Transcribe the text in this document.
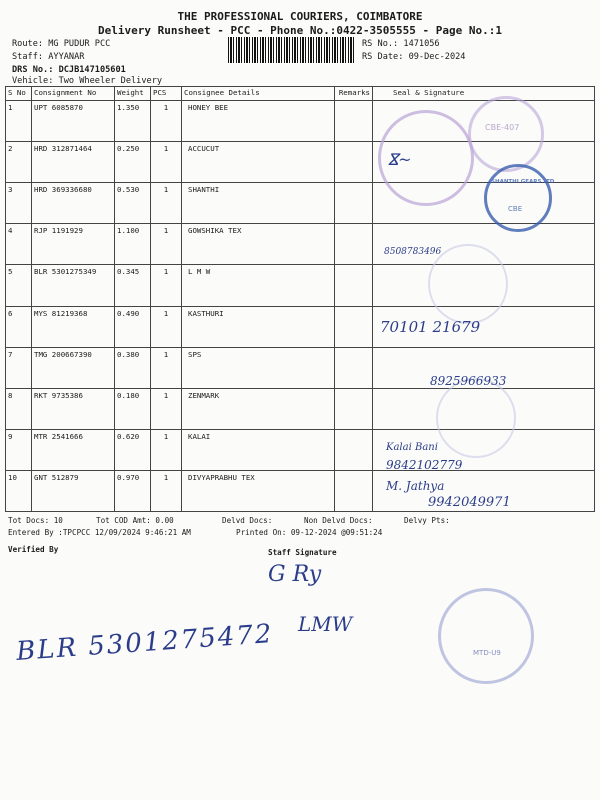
THE PROFESSIONAL COURIERS, COIMBATORE
Delivery Runsheet - PCC - Phone No.:0422-3505555 - Page No.:1
Route: MG PUDUR PCC
Staff: AYYANAR
DRS No.: DCJB147105601
Vehicle: Two Wheeler Delivery
RS No.: 1471056
RS Date: 09-Dec-2024
S No	Consignment No	Weight	PCS	Consignee Details	Remarks	Seal & Signature
1	UPT 6085870	1.350	1	HONEY BEE		
2	HRD 312871464	0.250	1	ACCUCUT		
3	HRD 369336680	0.530	1	SHANTHI		
4	RJP 1191929	1.100	1	GOWSHIKA TEX		
5	BLR 5301275349	0.345	1	L M W		
6	MYS 81219368	0.490	1	KASTHURI		
7	TMG 200667390	0.380	1	SPS		
8	RKT 9735386	0.180	1	ZENMARK		
9	MTR 2541666	0.620	1	KALAI		
10	GNT 512879	0.970	1	DIVYAPRABHU TEX		
CBE-407
SHANTHI GEARS LTD
CBE
MTD-U9
ⴵ~
8508783496
70101 21679
8925966933
Kalai Bani
9842102779
M. Jathya
9942049971
Tot Docs: 10	Tot COD Amt: 0.00	Delvd Docs:	Non Delvd Docs:	Delvy Pts:
Entered By :TPCPCC 12/09/2024 9:46:21 AM	Printed On: 09-12-2024 @09:51:24
Verified By	Staff Signature
G Ry
BLR 5301275472 LMW
